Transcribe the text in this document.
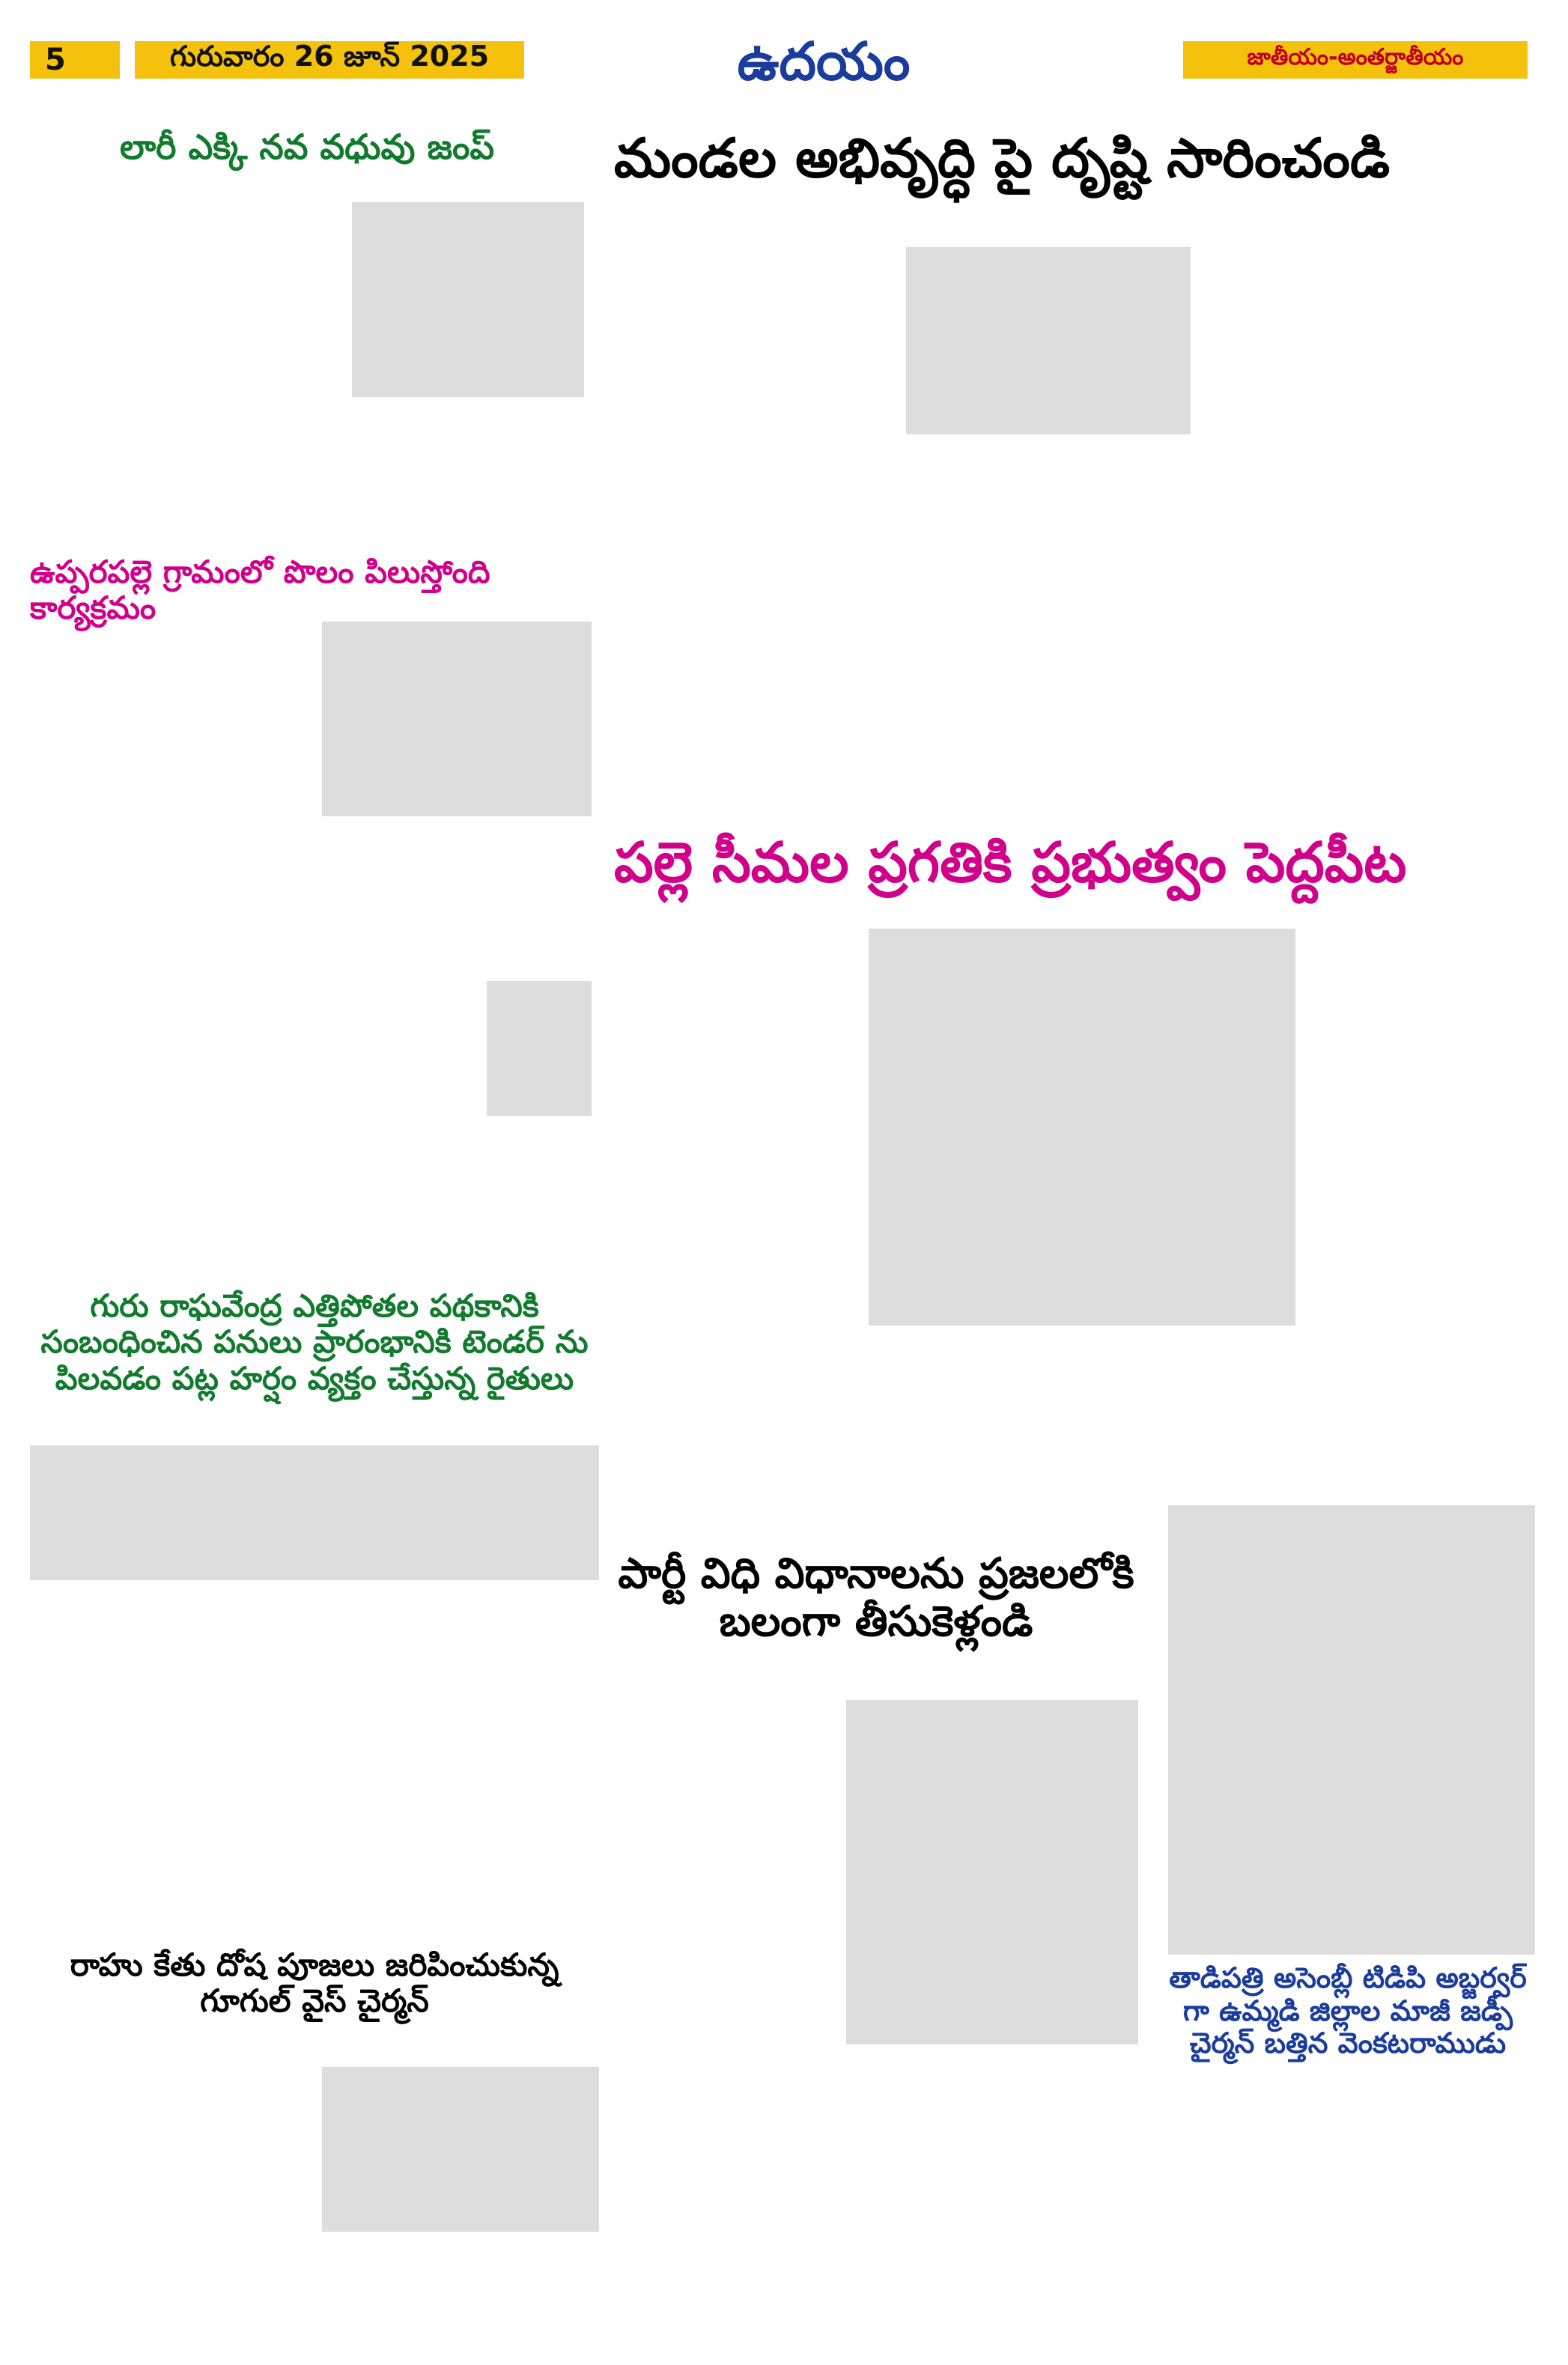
5	గురువారం 26 జూన్ 2025	ఉదయం	జాతీయం-అంతర్జాతీయం
లారీ ఎక్కి నవ వధువు జంప్
ఉప్పరపల్లె గ్రామంలో పొలం పిలుస్తోంది కార్యక్రమం
గురు రాఘవేంద్ర ఎత్తిపోతల పథకానికి సంబంధించిన పనులు ప్రారంభానికి టెండర్ ను పిలవడం పట్ల హర్షం వ్యక్తం చేస్తున్న రైతులు
రాహు కేతు దోష పూజలు జరిపించుకున్న గూగుల్ వైస్ చైర్మన్
మండల అభివృద్ధి పై దృష్టి సారించండి
పల్లె సీమల ప్రగతికి ప్రభుత్వం పెద్దపీట
పార్టీ విధి విధానాలను ప్రజలలోకి బలంగా తీసుకెళ్లండి
తాడిపత్రి అసెంబ్లీ టిడిపి అబ్జర్వర్ గా ఉమ్మడి జిల్లాల మాజీ జడ్పీ చైర్మన్ బత్తిన వెంకటరాముడు
